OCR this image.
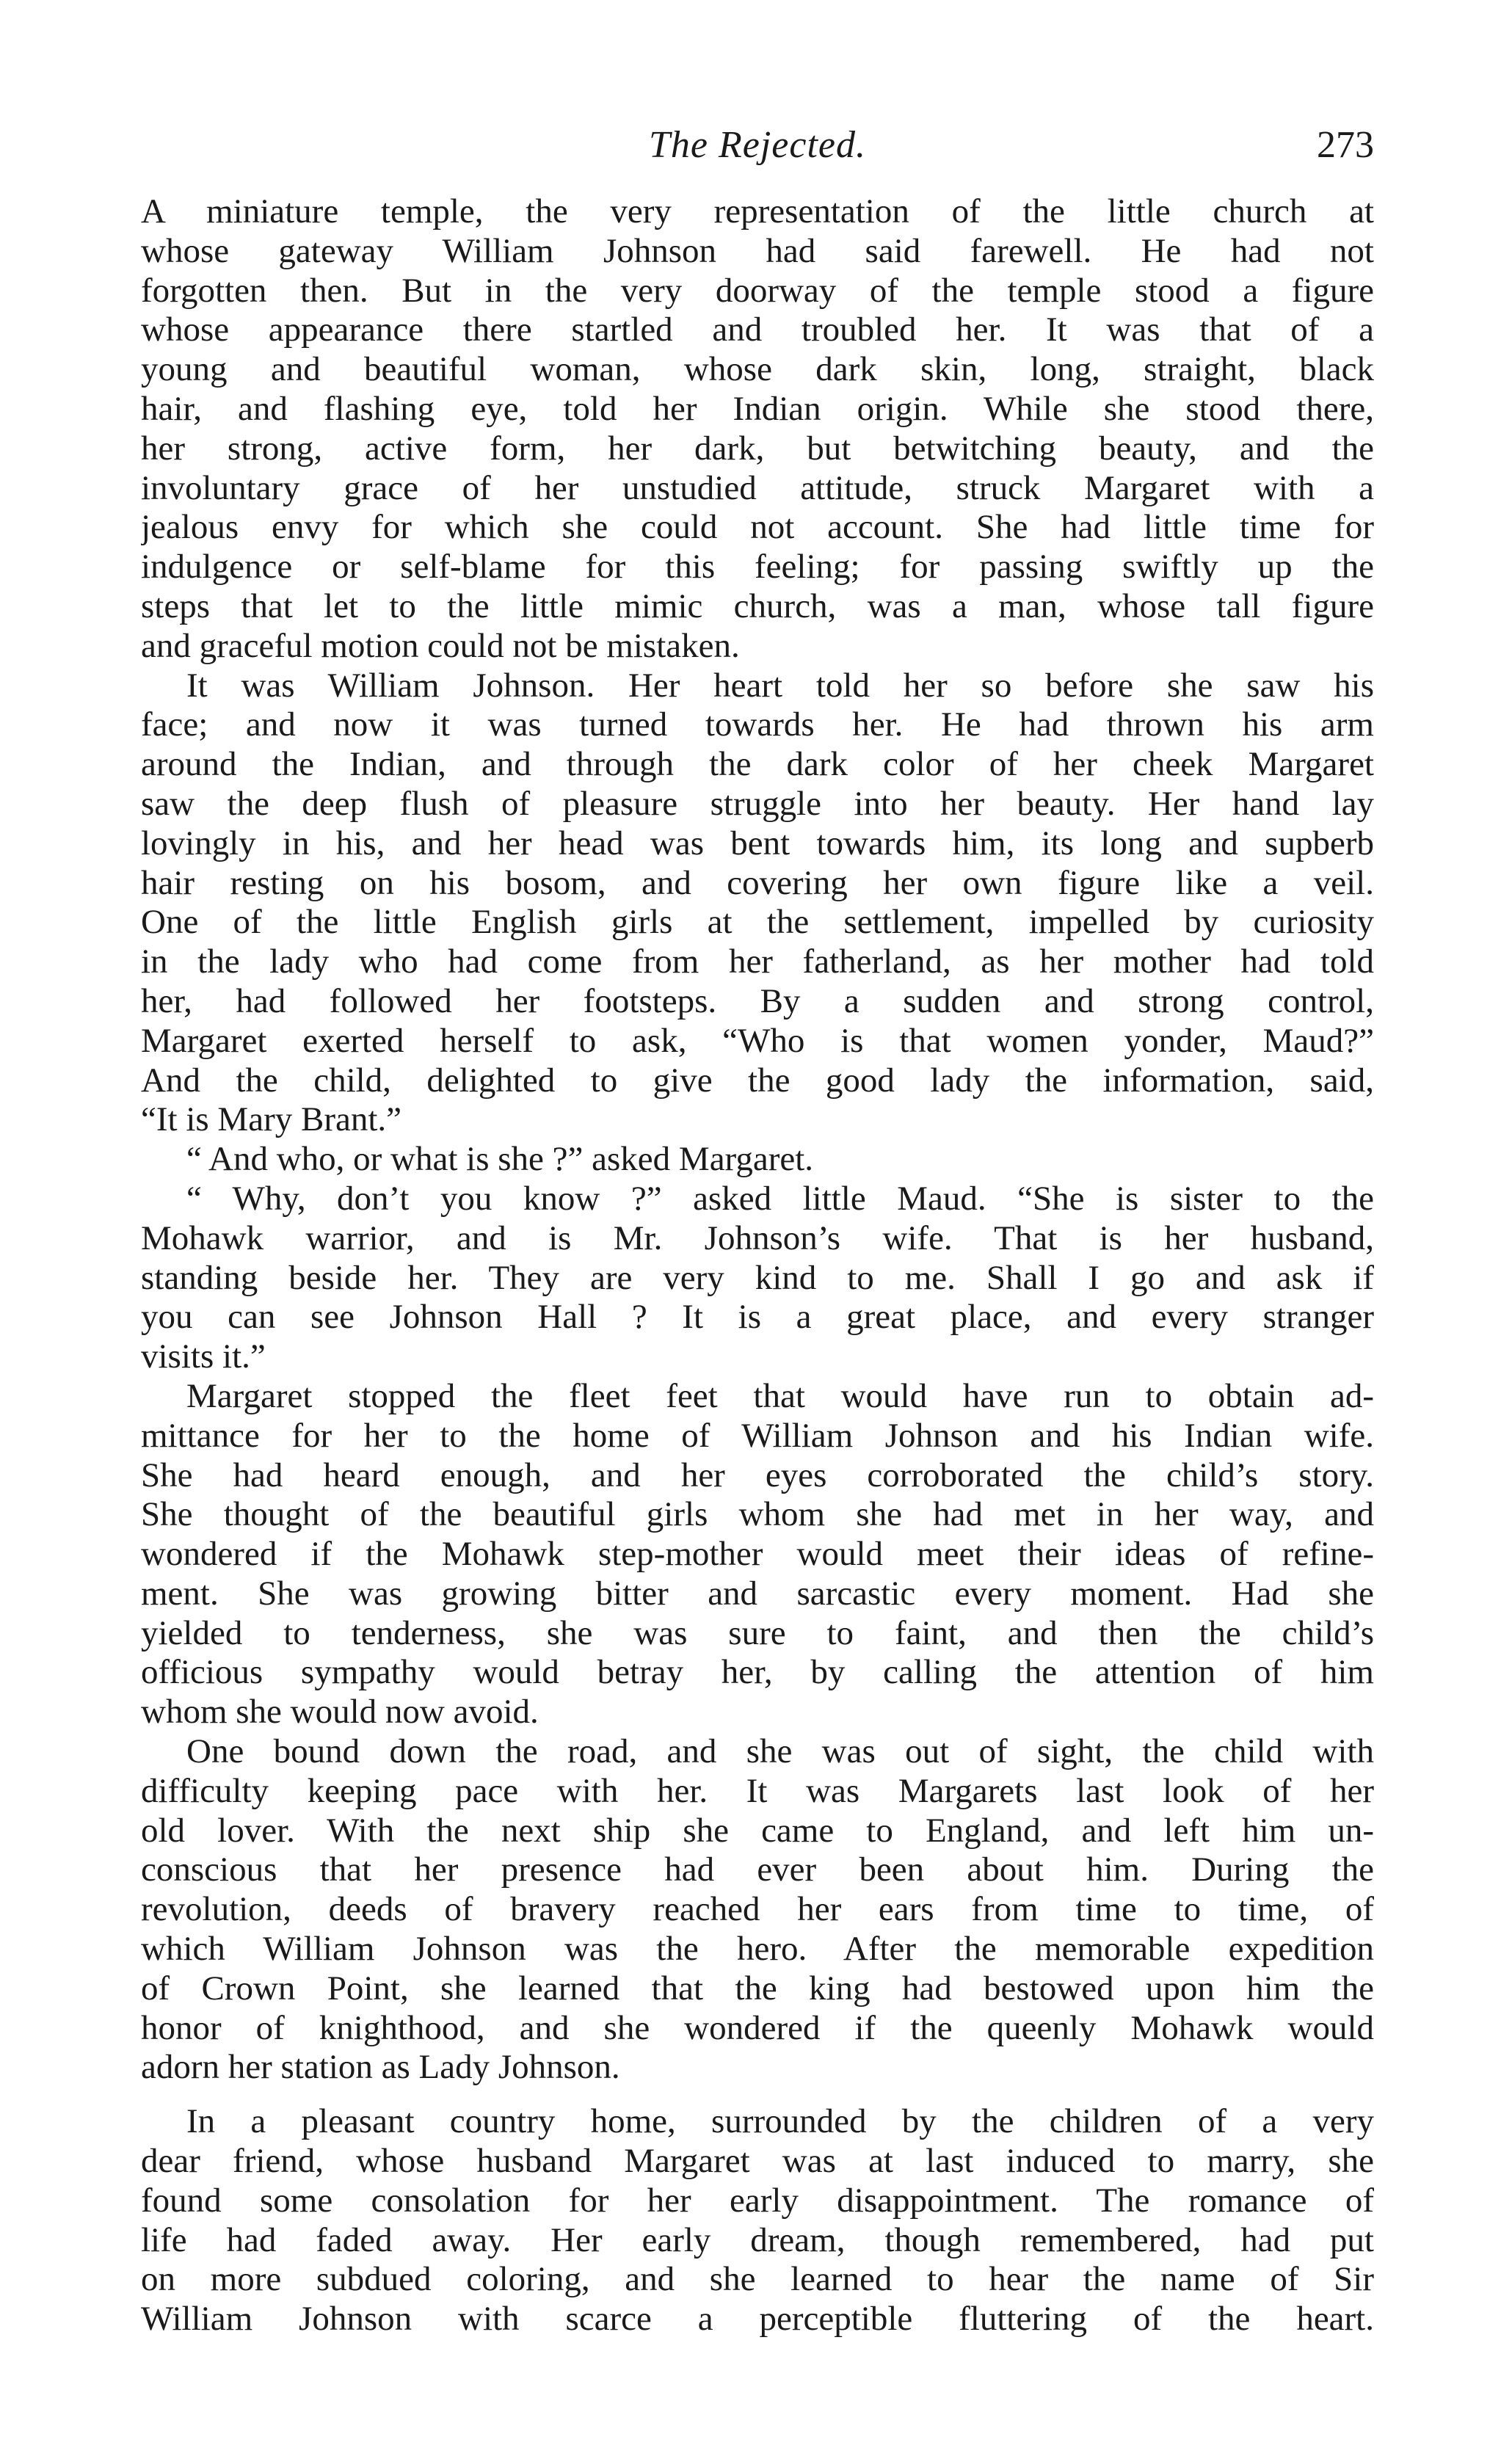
The Rejected.	273
A miniature temple, the very representation of the little church at
whose gateway William Johnson had said farewell. He had not
forgotten then. But in the very doorway of the temple stood a figure
whose appearance there startled and troubled her. It was that of a
young and beautiful woman, whose dark skin, long, straight, black
hair, and flashing eye, told her Indian origin. While she stood there,
her strong, active form, her dark, but betwitching beauty, and the
involuntary grace of her unstudied attitude, struck Margaret with a
jealous envy for which she could not account. She had little time for
indulgence or self-blame for this feeling; for passing swiftly up the
steps that let to the little mimic church, was a man, whose tall figure
and graceful motion could not be mistaken.
It was William Johnson. Her heart told her so before she saw his
face; and now it was turned towards her. He had thrown his arm
around the Indian, and through the dark color of her cheek Margaret
saw the deep flush of pleasure struggle into her beauty. Her hand lay
lovingly in his, and her head was bent towards him, its long and supberb
hair resting on his bosom, and covering her own figure like a veil.
One of the little English girls at the settlement, impelled by curiosity
in the lady who had come from her fatherland, as her mother had told
her, had followed her footsteps. By a sudden and strong control,
Margaret exerted herself to ask, “Who is that women yonder, Maud?”
And the child, delighted to give the good lady the information, said,
“It is Mary Brant.”
“ And who, or what is she ?” asked Margaret.
“ Why, don’t you know ?” asked little Maud. “She is sister to the
Mohawk warrior, and is Mr. Johnson’s wife. That is her husband,
standing beside her. They are very kind to me. Shall I go and ask if
you can see Johnson Hall ? It is a great place, and every stranger
visits it.”
Margaret stopped the fleet feet that would have run to obtain ad-
mittance for her to the home of William Johnson and his Indian wife.
She had heard enough, and her eyes corroborated the child’s story.
She thought of the beautiful girls whom she had met in her way, and
wondered if the Mohawk step-mother would meet their ideas of refine-
ment. She was growing bitter and sarcastic every moment. Had she
yielded to tenderness, she was sure to faint, and then the child’s
officious sympathy would betray her, by calling the attention of him
whom she would now avoid.
One bound down the road, and she was out of sight, the child with
difficulty keeping pace with her. It was Margarets last look of her
old lover. With the next ship she came to England, and left him un-
conscious that her presence had ever been about him. During the
revolution, deeds of bravery reached her ears from time to time, of
which William Johnson was the hero. After the memorable expedition
of Crown Point, she learned that the king had bestowed upon him the
honor of knighthood, and she wondered if the queenly Mohawk would
adorn her station as Lady Johnson.
In a pleasant country home, surrounded by the children of a very
dear friend, whose husband Margaret was at last induced to marry, she
found some consolation for her early disappointment. The romance of
life had faded away. Her early dream, though remembered, had put
on more subdued coloring, and she learned to hear the name of Sir
William Johnson with scarce a perceptible fluttering of the heart.
